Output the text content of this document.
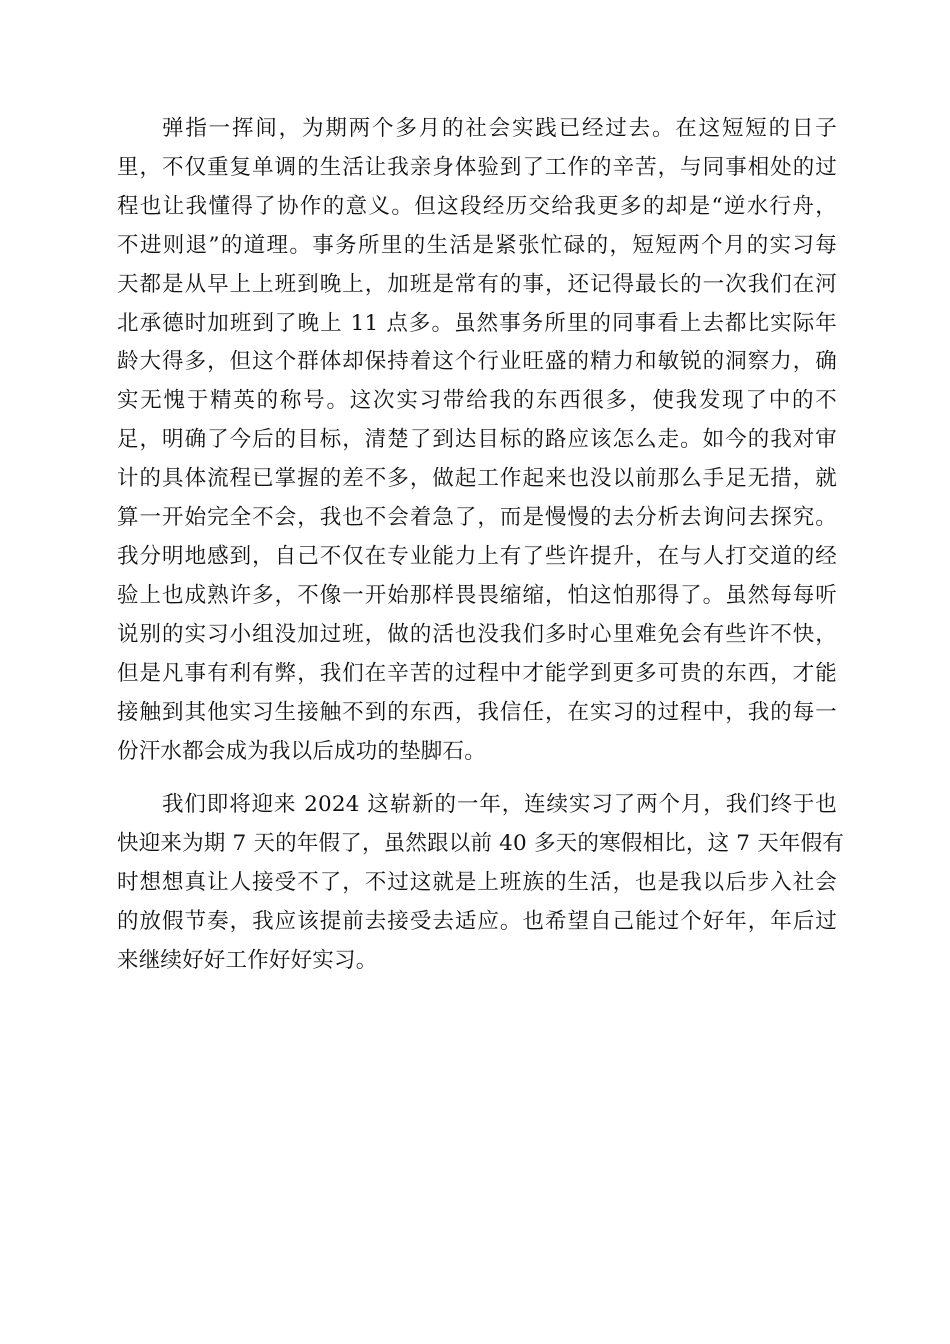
弹指一挥间，为期两个多月的社会实践已经过去。在这短短的日子
里，不仅重复单调的生活让我亲身体验到了工作的辛苦，与同事相处的过
程也让我懂得了协作的意义。但这段经历交给我更多的却是“逆水行舟，
不进则退”的道理。事务所里的生活是紧张忙碌的，短短两个月的实习每
天都是从早上上班到晚上，加班是常有的事，还记得最长的一次我们在河
北承德时加班到了晚上 11 点多。虽然事务所里的同事看上去都比实际年
龄大得多，但这个群体却保持着这个行业旺盛的精力和敏锐的洞察力，确
实无愧于精英的称号。这次实习带给我的东西很多，使我发现了中的不
足，明确了今后的目标，清楚了到达目标的路应该怎么走。如今的我对审
计的具体流程已掌握的差不多，做起工作起来也没以前那么手足无措，就
算一开始完全不会，我也不会着急了，而是慢慢的去分析去询问去探究。
我分明地感到，自己不仅在专业能力上有了些许提升，在与人打交道的经
验上也成熟许多，不像一开始那样畏畏缩缩，怕这怕那得了。虽然每每听
说别的实习小组没加过班，做的活也没我们多时心里难免会有些许不快，
但是凡事有利有弊，我们在辛苦的过程中才能学到更多可贵的东西，才能
接触到其他实习生接触不到的东西，我信任，在实习的过程中，我的每一
份汗水都会成为我以后成功的垫脚石。

我们即将迎来 2024 这崭新的一年，连续实习了两个月，我们终于也
快迎来为期 7 天的年假了，虽然跟以前 40 多天的寒假相比，这 7 天年假有
时想想真让人接受不了，不过这就是上班族的生活，也是我以后步入社会
的放假节奏，我应该提前去接受去适应。也希望自己能过个好年，年后过
来继续好好工作好好实习。
